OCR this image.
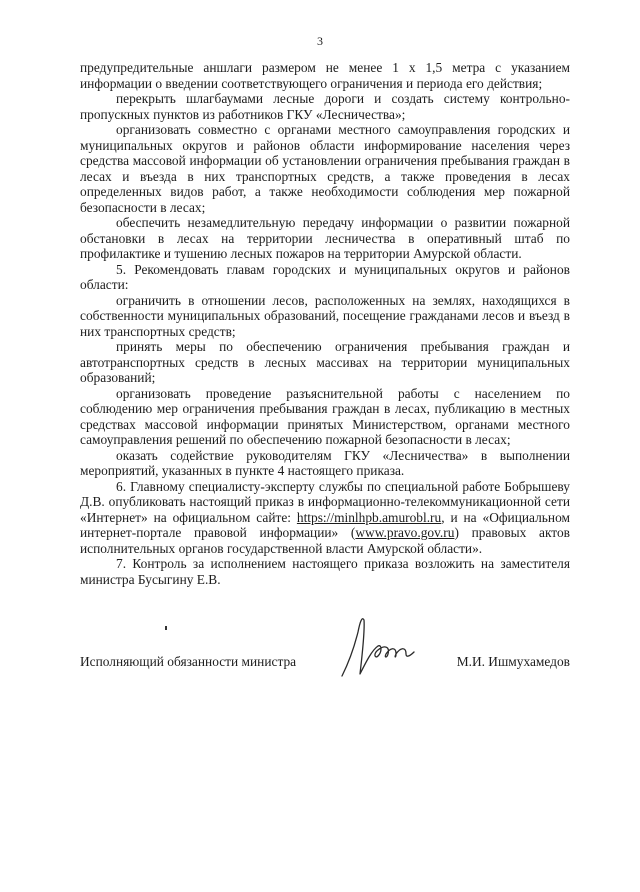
3

предупредительные аншлаги размером не менее 1 х 1,5 метра с указанием информации о введении соответствующего ограничения и периода его действия;

перекрыть шлагбаумами лесные дороги и создать систему контрольно-пропускных пунктов из работников ГКУ «Лесничества»;

организовать совместно с органами местного самоуправления городских и муниципальных округов и районов области информирование населения через средства массовой информации об установлении ограничения пребывания граждан в лесах и въезда в них транспортных средств, а также проведения в лесах определенных видов работ, а также необходимости соблюдения мер пожарной безопасности в лесах;

обеспечить незамедлительную передачу информации о развитии пожарной обстановки в лесах на территории лесничества в оперативный штаб по профилактике и тушению лесных пожаров на территории Амурской области.

5. Рекомендовать главам городских и муниципальных округов и районов области:

ограничить в отношении лесов, расположенных на землях, находящихся в собственности муниципальных образований, посещение гражданами лесов и въезд в них транспортных средств;

принять меры по обеспечению ограничения пребывания граждан и автотранспортных средств в лесных массивах на территории муниципальных образований;

организовать проведение разъяснительной работы с населением по соблюдению мер ограничения пребывания граждан в лесах, публикацию в местных средствах массовой информации принятых Министерством, органами местного самоуправления решений по обеспечению пожарной безопасности в лесах;

оказать содействие руководителям ГКУ «Лесничества» в выполнении мероприятий, указанных в пункте 4 настоящего приказа.

6. Главному специалисту-эксперту службы по специальной работе Бобрышеву Д.В. опубликовать настоящий приказ в информационно-телекоммуникационной сети «Интернет» на официальном сайте: https://minlhpb.amurobl.ru, и на «Официальном интернет-портале правовой информации» (www.pravo.gov.ru) правовых актов исполнительных органов государственной власти Амурской области».

7. Контроль за исполнением настоящего приказа возложить на заместителя министра Бусыгину Е.В.

Исполняющий обязанности министра	М.И. Ишмухамедов
